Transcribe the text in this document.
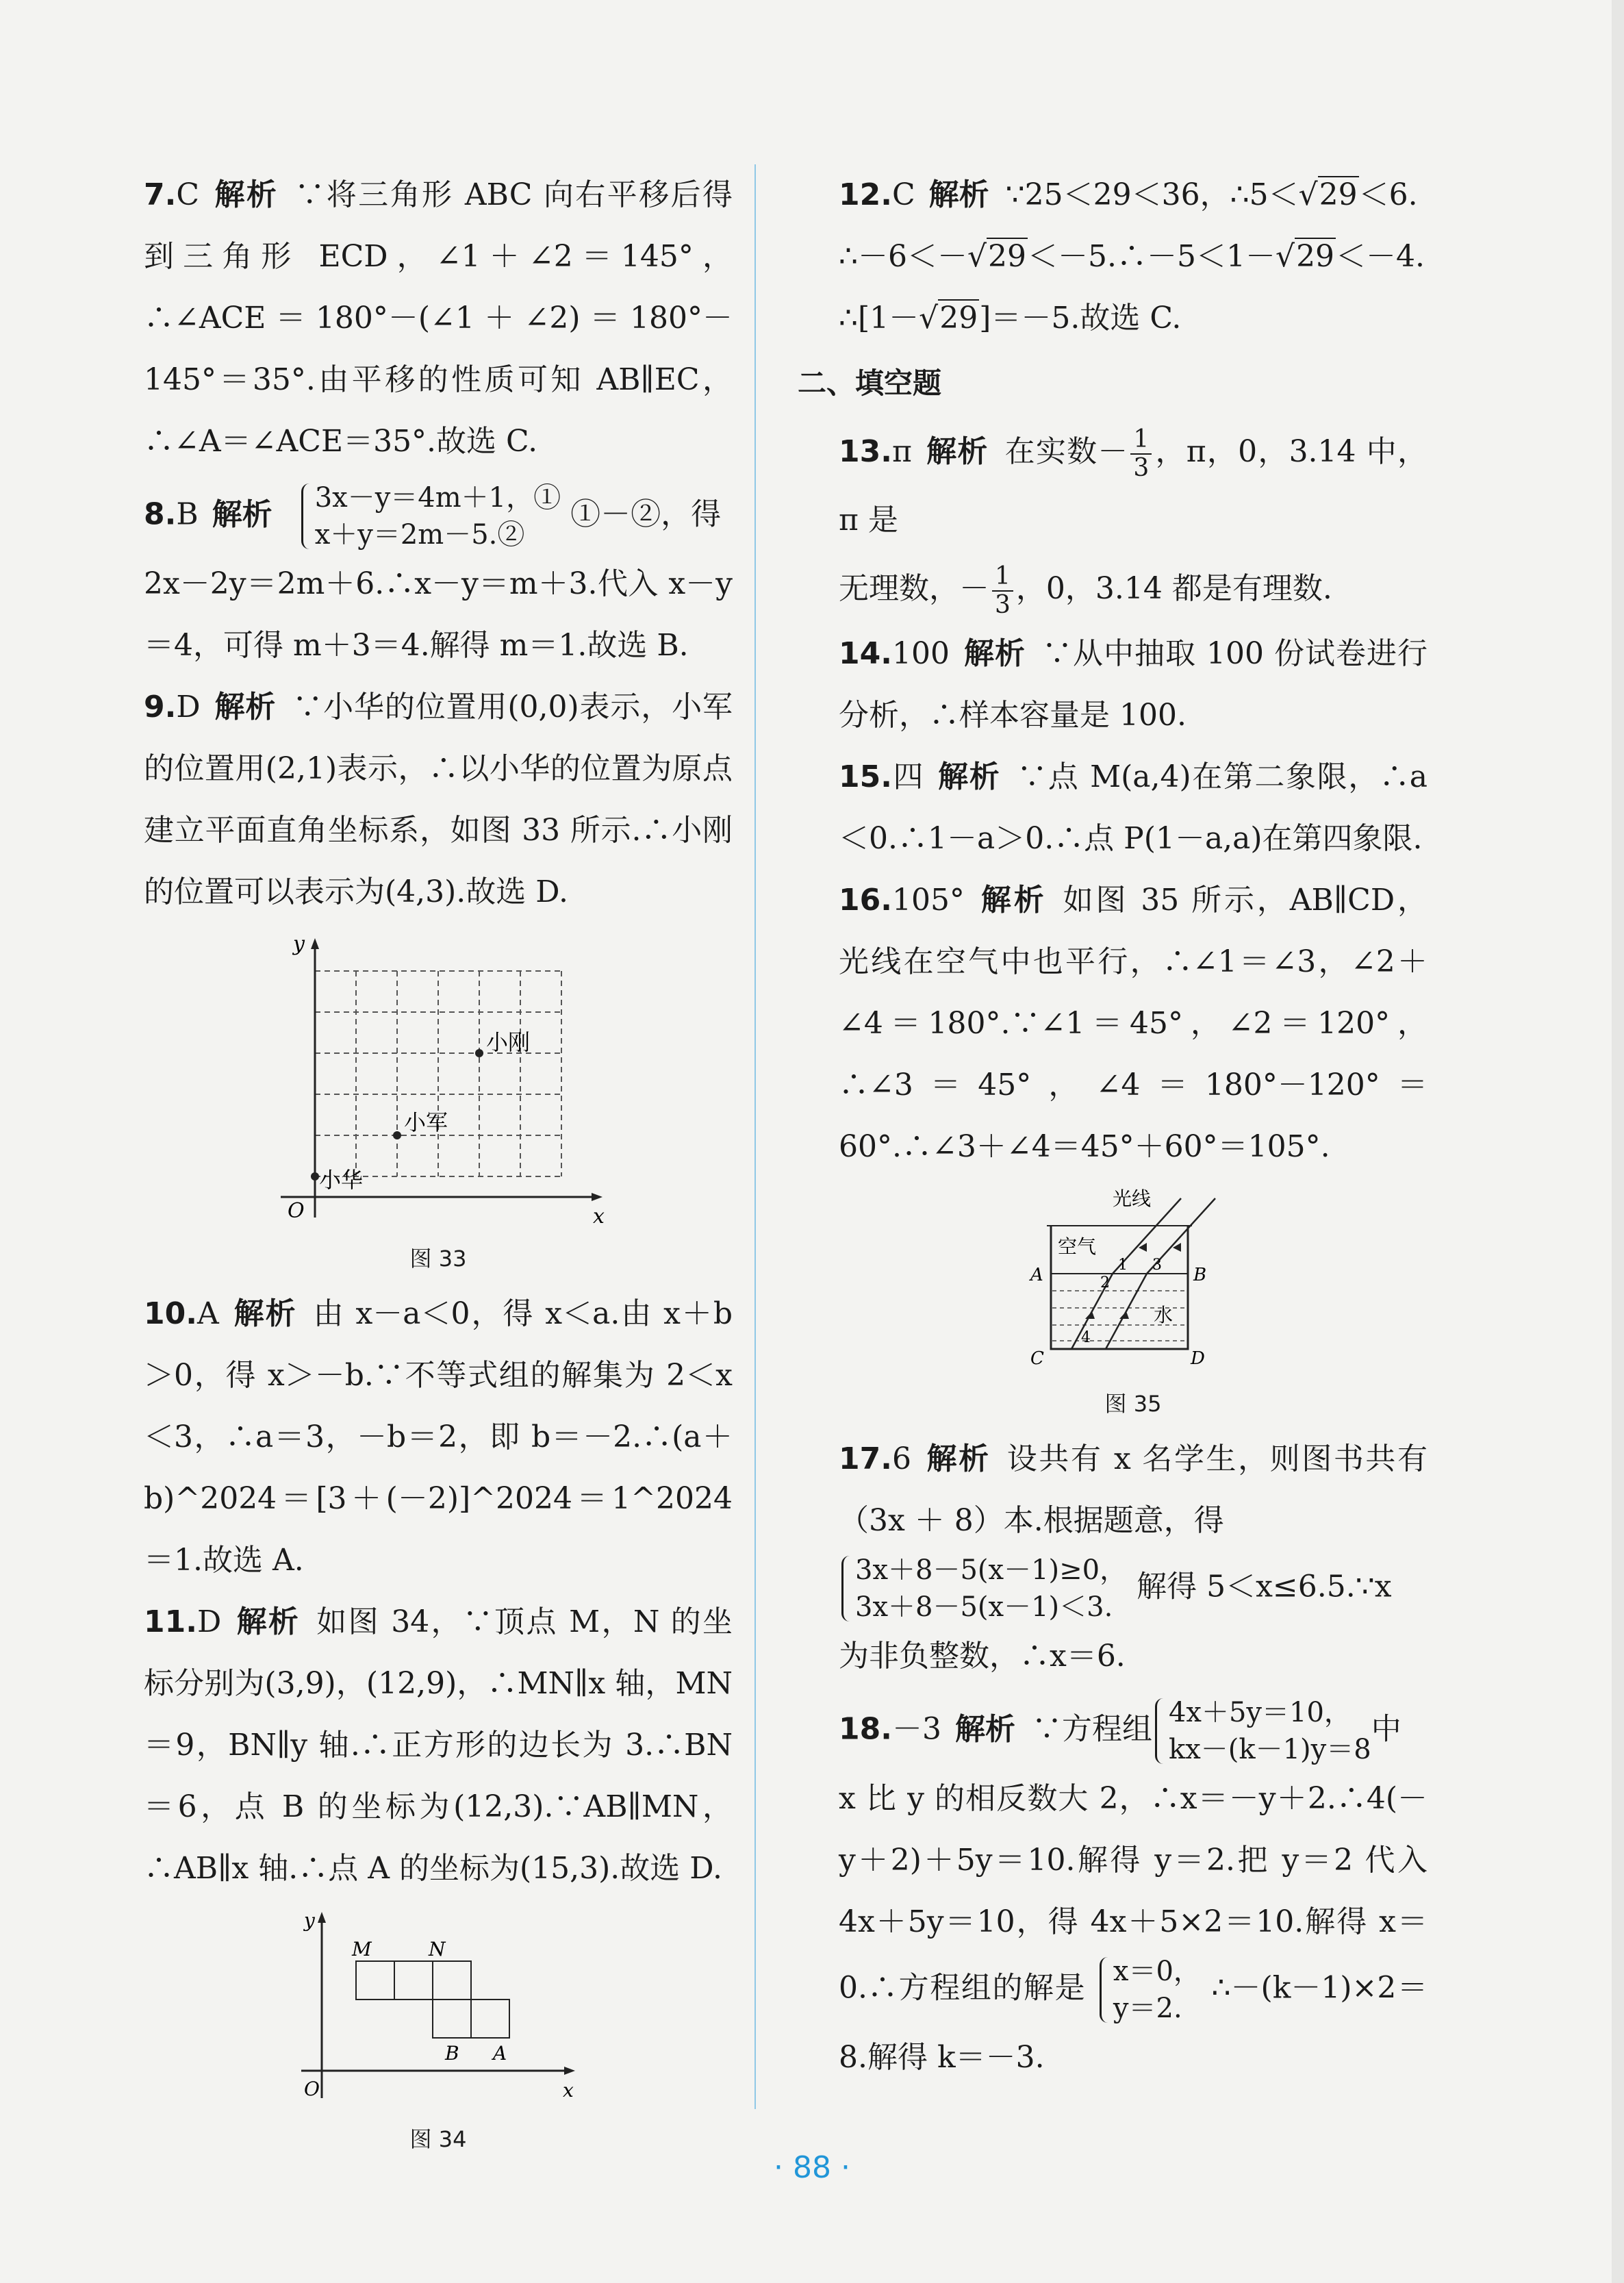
7.C 解析 ∵将三角形 ABC 向右平移后得到三角形 ECD，∠1＋∠2＝145°，∴∠ACE＝180°－(∠1＋∠2)＝180°－145°＝35°.由平移的性质可知 AB∥EC，∴∠A＝∠ACE＝35°.故选 C.

8.B 解析 3x－y＝4m＋1，①
x＋y＝2m－5.②
①－②，得
2x－2y＝2m＋6.∴x－y＝m＋3.代入 x－y＝4，可得 m＋3＝4.解得 m＝1.故选 B.

9.D 解析 ∵小华的位置用(0,0)表示，小军的位置用(2,1)表示，∴以小华的位置为原点建立平面直角坐标系，如图 33 所示.∴小刚的位置可以表示为(4,3).故选 D.

y
x
O
小刚
小军
小华
图 33

10.A 解析 由 x－a＜0，得 x＜a.由 x＋b＞0，得 x＞－b.∵不等式组的解集为 2＜x＜3，∴a＝3，－b＝2，即 b＝－2.∴(a＋b)^2024＝[3＋(－2)]^2024＝1^2024＝1.故选 A.

11.D 解析 如图 34，∵顶点 M，N 的坐标分别为(3,9)，(12,9)，∴MN∥x 轴，MN＝9，BN∥y 轴.∴正方形的边长为 3.∴BN＝6，点 B 的坐标为(12,3).∵AB∥MN，∴AB∥x 轴.∴点 A 的坐标为(15,3).故选 D.

y
x
O
M	N
B A
图 34
12.C 解析 ∵25＜29＜36，∴5＜√29＜6.
∴－6＜－√29＜－5.∴－5＜1－√29＜－4.
∴[1－√29]＝－5.故选 C.
二、填空题
13.π 解析 在实数－ $\frac{1}{3}$ ，π，0，3.14 中，π 是
无理数，－ $\frac{1}{3}$ ，0，3.14 都是有理数.

14.100 解析 ∵从中抽取 100 份试卷进行分析，∴样本容量是 100.

15.四 解析 ∵点 M(a,4)在第二象限，∴a＜0.∴1－a＞0.∴点 P(1－a,a)在第四象限.

16.105° 解析 如图 35 所示，AB∥CD，光线在空气中也平行，∴∠1＝∠3，∠2＋∠4＝180°.∵∠1＝45°，∠2＝120°，∴∠3＝45°，∠4＝180°－120°＝60°.∴∠3＋∠4＝45°＋60°＝105°.

光线
空气
水
A	B
C	D
1
2
3
4
图 35
17.6 解析 设共有 x 名学生，则图书共有（3x ＋ 8）本.根据题意，得

3x＋8－5(x－1)≥0，
3x＋8－5(x－1)＜3.
解得 5＜x≤6.5.∵x
为非负整数，∴x＝6.
18.－3 解析 ∵方程组 4x＋5y＝10，
kx－(k－1)y＝8
中
x 比 y 的相反数大 2，∴x＝－y＋2.∴4(－y＋2)＋5y＝10.解得 y＝2.把 y＝2 代入 4x＋5y＝10，得 4x＋5×2＝10.解得 x＝0.∴方程组的解是 x＝0，
y＝2.
∴－(k－1)×2＝8.解得 k＝－3.
· 88 ·
